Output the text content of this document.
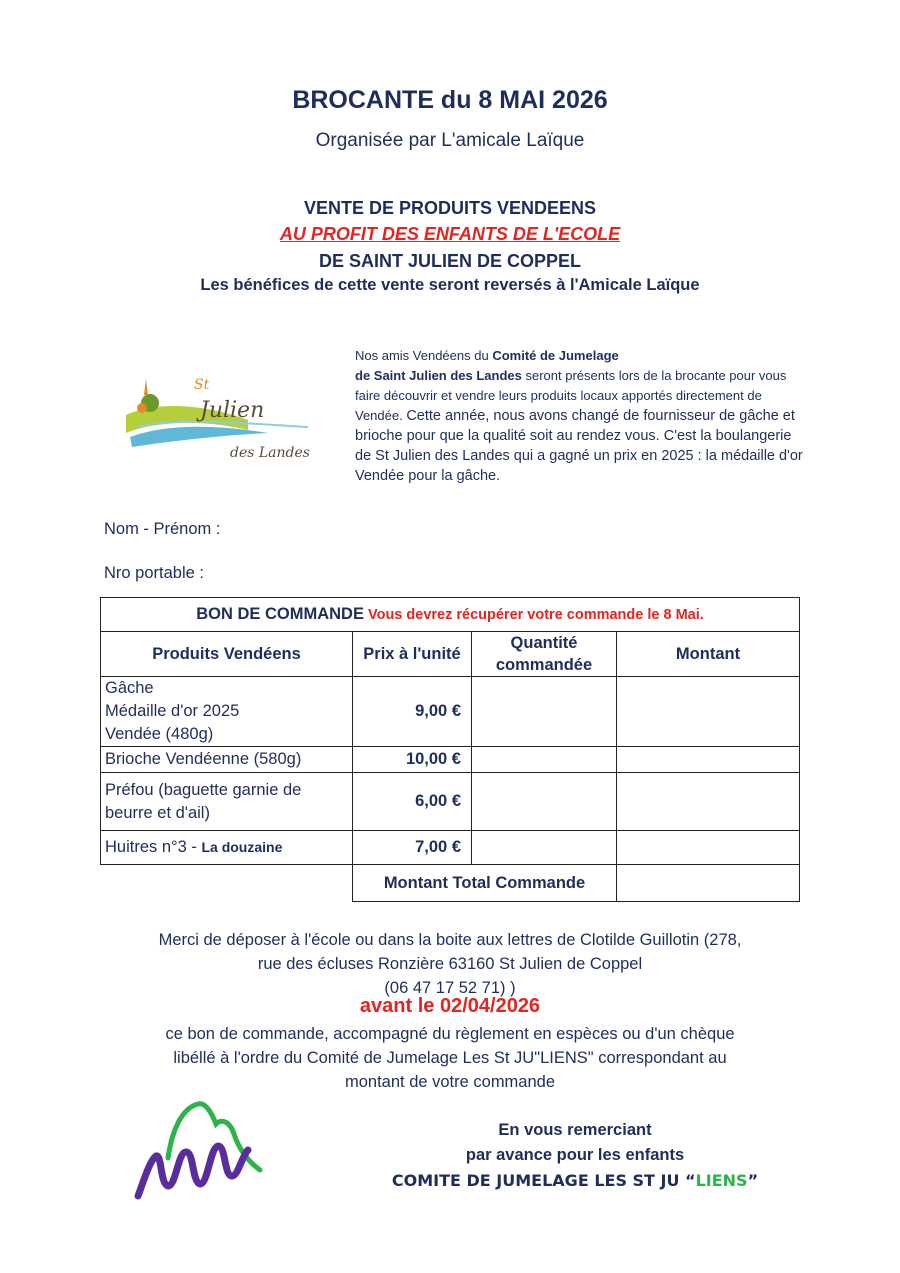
BROCANTE du 8 MAI 2026
Organisée par L'amicale Laïque
VENTE DE PRODUITS VENDEENS
AU PROFIT DES ENFANTS DE L'ECOLE
DE SAINT JULIEN DE COPPEL
Les bénéfices de cette vente seront reversés à l'Amicale Laïque
St
Julien
des Landes
Nos amis Vendéens du Comité de Jumelage
de Saint Julien des Landes seront présents lors de la brocante pour vous faire découvrir et vendre leurs produits locaux apportés directement de Vendée. Cette année, nous avons changé de fournisseur de gâche et brioche pour que la qualité soit au rendez vous. C'est la boulangerie de St Julien des Landes qui a gagné un prix en 2025 : la médaille d'or Vendée pour la gâche.
Nom - Prénom :
Nro portable :
BON DE COMMANDE Vous devrez récupérer votre commande le 8 Mai.			
Produits Vendéens	Prix à l'unité	Quantité commandée	Montant
Gâche
Médaille d'or 2025
Vendée (480g)	9,00 €		
Brioche Vendéenne (580g)	10,00 €		
Préfou (baguette garnie de
beurre et d'ail)	6,00 €		
Huitres n°3 - La douzaine	7,00 €		
	Montant Total Commande		
Merci de déposer à l'école ou dans la boite aux lettres de Clotilde Guillotin (278,
rue des écluses Ronzière 63160 St Julien de Coppel
(06 47 17 52 71) )
avant le 02/04/2026
ce bon de commande, accompagné du règlement en espèces ou d'un chèque
libéllé à l'ordre du Comité de Jumelage Les St JU"LIENS" correspondant au
montant de votre commande
En vous remerciant
par avance pour les enfants
COMITE DE JUMELAGE LES ST JU “LIENS”
